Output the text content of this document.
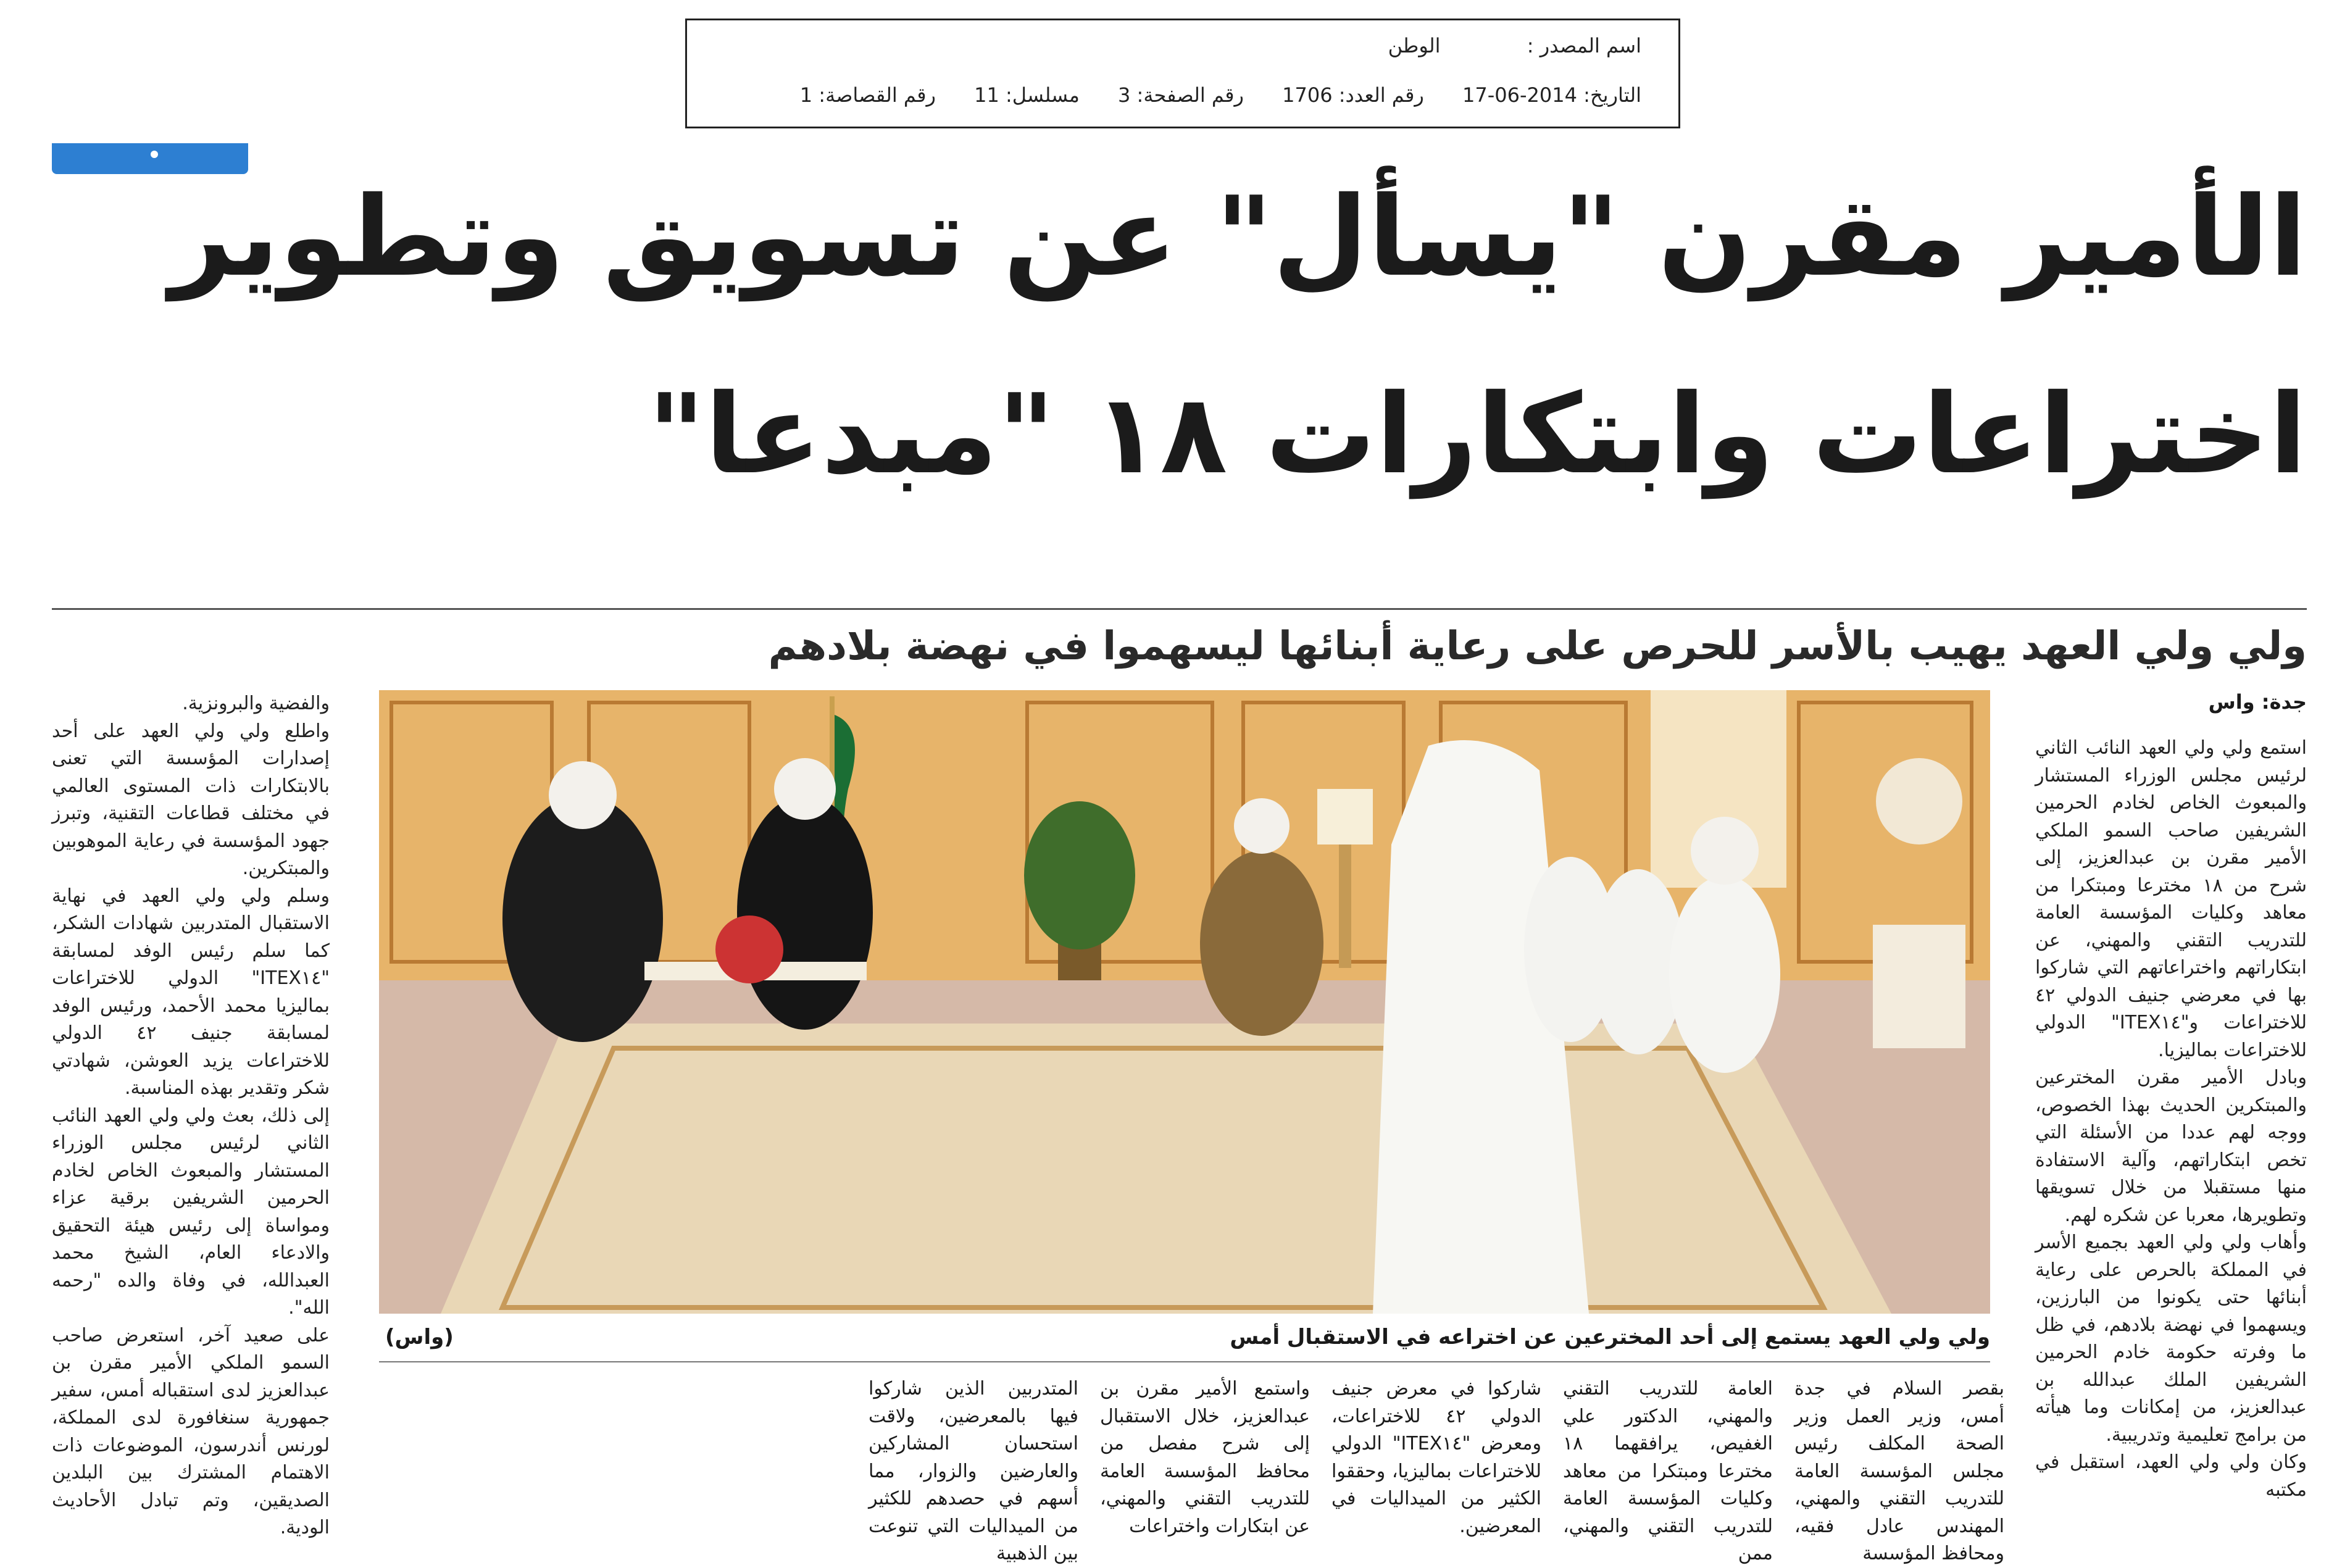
اسم المصدر : الوطن
التاريخ: 2014-06-17 رقم العدد: 1706 رقم الصفحة: 3 مسلسل: 11 رقم القصاصة: 1
الأمير مقرن "يسأل" عن تسويق وتطوير
اختراعات وابتكارات ١٨ "مبدعا"
ولي ولي العهد يهيب بالأسر للحرص على رعاية أبنائها ليسهموا في نهضة بلادهم
جدة: واس

استمع ولي ولي العهد النائب الثاني لرئيس مجلس الوزراء المستشار والمبعوث الخاص لخادم الحرمين الشريفين صاحب السمو الملكي الأمير مقرن بن عبدالعزيز، إلى شرح من ١٨ مخترعا ومبتكرا من معاهد وكليات المؤسسة العامة للتدريب التقني والمهني، عن ابتكاراتهم واختراعاتهم التي شاركوا بها في معرضي جنيف الدولي ٤٢ للاختراعات و"ITEX١٤" الدولي للاختراعات بماليزيا.

وبادل الأمير مقرن المخترعين والمبتكرين الحديث بهذا الخصوص، ووجه لهم عددا من الأسئلة التي تخص ابتكاراتهم، وآلية الاستفادة منها مستقبلا من خلال تسويقها وتطويرها، معربا عن شكره لهم.

وأهاب ولي ولي العهد بجميع الأسر في المملكة بالحرص على رعاية أبنائها حتى يكونوا من البارزين، ويسهموا في نهضة بلادهم، في ظل ما وفرته حكومة خادم الحرمين الشريفين الملك عبدالله بن عبدالعزيز، من إمكانات وما هيأته من برامج تعليمية وتدريبية.

وكان ولي ولي العهد، استقبل في مكتبه

والفضية والبرونزية.

واطلع ولي ولي العهد على أحد إصدارات المؤسسة التي تعنى بالابتكارات ذات المستوى العالمي في مختلف قطاعات التقنية، وتبرز جهود المؤسسة في رعاية الموهوبين والمبتكرين.

وسلم ولي ولي العهد في نهاية الاستقبال المتدربين شهادات الشكر، كما سلم رئيس الوفد لمسابقة "ITEX١٤" الدولي للاختراعات بماليزيا محمد الأحمد، ورئيس الوفد لمسابقة جنيف ٤٢ الدولي للاختراعات يزيد العوشن، شهادتي شكر وتقدير بهذه المناسبة.

إلى ذلك، بعث ولي ولي العهد النائب الثاني لرئيس مجلس الوزراء المستشار والمبعوث الخاص لخادم الحرمين الشريفين برقية عزاء ومواساة إلى رئيس هيئة التحقيق والادعاء العام، الشيخ محمد العبدالله، في وفاة والده "رحمه الله".

على صعيد آخر، استعرض صاحب السمو الملكي الأمير مقرن بن عبدالعزيز لدى استقباله أمس، سفير جمهورية سنغافورة لدى المملكة، لورنس أندرسون، الموضوعات ذات الاهتمام المشترك بين البلدين الصديقين، وتم تبادل الأحاديث الودية.

ولي ولي العهد يستمع إلى أحد المخترعين عن اختراعه في الاستقبال أمس
(واس)
بقصر السلام في جدة أمس، وزير العمل وزير الصحة المكلف رئيس مجلس المؤسسة العامة للتدريب التقني والمهني، المهندس عادل فقيه، ومحافظ المؤسسة
العامة للتدريب التقني والمهني، الدكتور علي الغفيص، يرافقهما ١٨ مخترعا ومبتكرا من معاهد وكليات المؤسسة العامة للتدريب التقني والمهني، ممن
شاركوا في معرض جنيف الدولي ٤٢ للاختراعات، ومعرض "ITEX١٤" الدولي للاختراعات بماليزيا، وحققوا الكثير من الميداليات في المعرضين.
واستمع الأمير مقرن بن عبدالعزيز، خلال الاستقبال إلى شرح مفصل من محافظ المؤسسة العامة للتدريب التقني والمهني، عن ابتكارات واختراعات
المتدربين الذين شاركوا فيها بالمعرضين، ولاقت استحسان المشاركين والعارضين والزوار، مما أسهم في حصدهم للكثير من الميداليات التي تنوعت بين الذهبية
